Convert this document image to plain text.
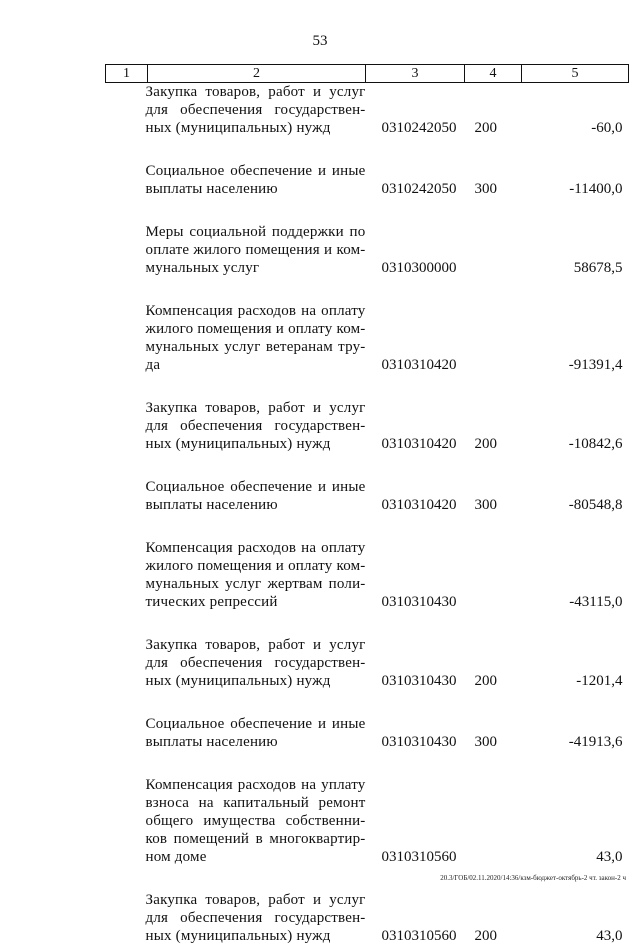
53
1	2	3	4	5
Закупка товаров, работ и услуг для обеспечения государствен-ных (муниципальных) нужд		0310242050	200	-60,0

Социальное обеспечение и иные выплаты населению		0310242050	300	-11400,0

Меры социальной поддержки по оплате жилого помещения и ком-мунальных услуг		0310300000		58678,5

Компенсация расходов на оплату жилого помещения и оплату ком-мунальных услуг ветеранам тру-да		0310310420		-91391,4

Закупка товаров, работ и услуг для обеспечения государствен-ных (муниципальных) нужд		0310310420	200	-10842,6

Социальное обеспечение и иные выплаты населению		0310310420	300	-80548,8

Компенсация расходов на оплату жилого помещения и оплату ком-мунальных услуг жертвам поли-тических репрессий		0310310430		-43115,0

Закупка товаров, работ и услуг для обеспечения государствен-ных (муниципальных) нужд		0310310430	200	-1201,4

Социальное обеспечение и иные выплаты населению		0310310430	300	-41913,6

Компенсация расходов на уплату взноса на капитальный ремонт общего имущества собственни-ков помещений в многоквартир-ном доме		0310310560		43,0

Закупка товаров, работ и услуг для обеспечения государствен-ных (муниципальных) нужд		0310310560	200	43,0
20.3/ГОБ/02.11.2020/14:36/кзм-бюджет-октябрь-2 чт. закон-2 ч
